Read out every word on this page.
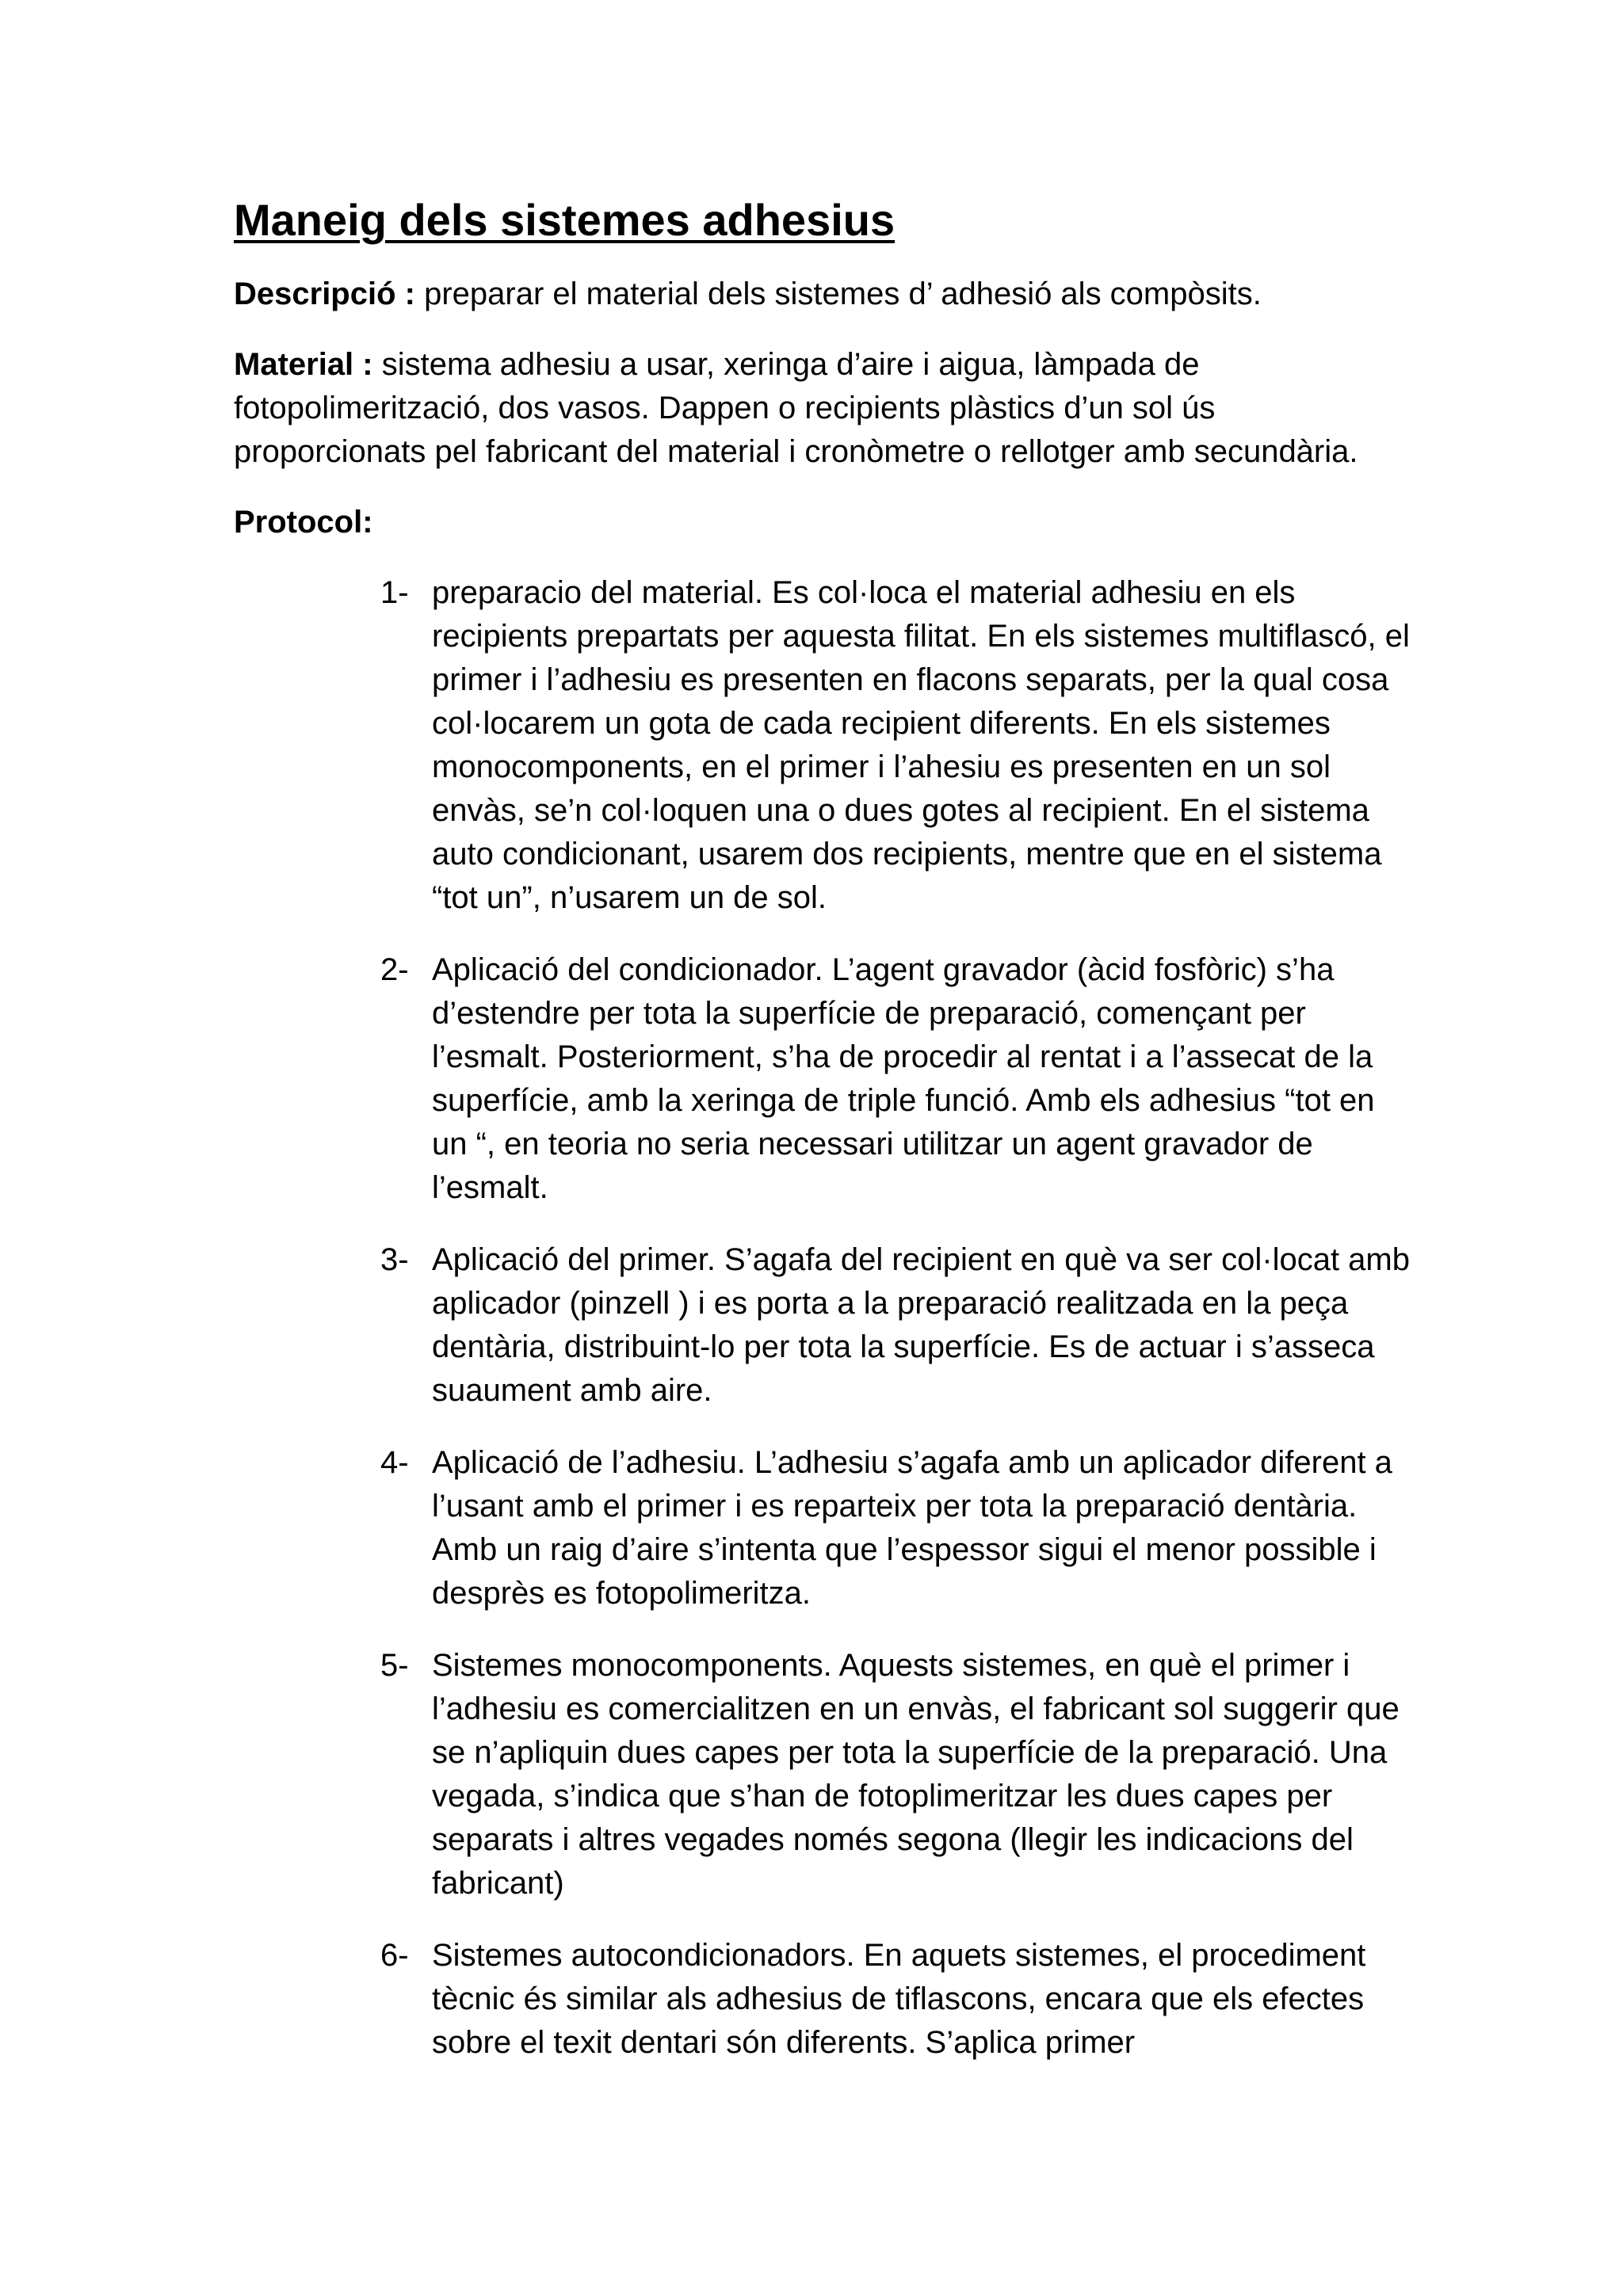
Maneig dels sistemes adhesius

Descripció : preparar el material dels sistemes d’ adhesió als compòsits.

Material : sistema adhesiu a usar, xeringa d’aire i aigua, làmpada de fotopolimerització, dos vasos. Dappen o recipients plàstics d’un sol ús proporcionats pel fabricant del material i cronòmetre o rellotger amb secundària.

Protocol:

1- preparacio del material. Es col·loca el material adhesiu en els recipients prepartats per aquesta filitat. En els sistemes multiflascó, el primer i l’adhesiu es presenten en flacons separats, per la qual cosa col·locarem un gota de cada recipient diferents. En els sistemes monocomponents, en el primer i l’ahesiu es presenten en un sol envàs, se’n col·loquen una o dues gotes al recipient. En el sistema auto condicionant, usarem dos recipients, mentre que en el sistema “tot un”, n’usarem un de sol.
2- Aplicació del condicionador. L’agent gravador (àcid fosfòric) s’ha d’estendre per tota la superfície de preparació, començant per l’esmalt. Posteriorment, s’ha de procedir al rentat i a l’assecat de la superfície, amb la xeringa de triple funció. Amb els adhesius “tot en un “, en teoria no seria necessari utilitzar un agent gravador de l’esmalt.
3- Aplicació del primer. S’agafa del recipient en què va ser col·locat amb aplicador (pinzell ) i es porta a la preparació realitzada en la peça dentària, distribuint-lo per tota la superfície. Es de actuar i s’asseca suaument amb aire.
4- Aplicació de l’adhesiu. L’adhesiu s’agafa amb un aplicador diferent a l’usant amb el primer i es reparteix per tota la preparació dentària. Amb un raig d’aire s’intenta que l’espessor sigui el menor possible i desprès es fotopolimeritza.
5- Sistemes monocomponents. Aquests sistemes, en què el primer i l’adhesiu es comercialitzen en un envàs, el fabricant sol suggerir que se n’apliquin dues capes per tota la superfície de la preparació. Una vegada, s’indica que s’han de fotoplimeritzar les dues capes per separats i altres vegades només segona (llegir les indicacions del fabricant)
6- Sistemes autocondicionadors. En aquets sistemes, el procediment tècnic és similar als adhesius de tiflascons, encara que els efectes sobre el texit dentari són diferents. S’aplica primer
